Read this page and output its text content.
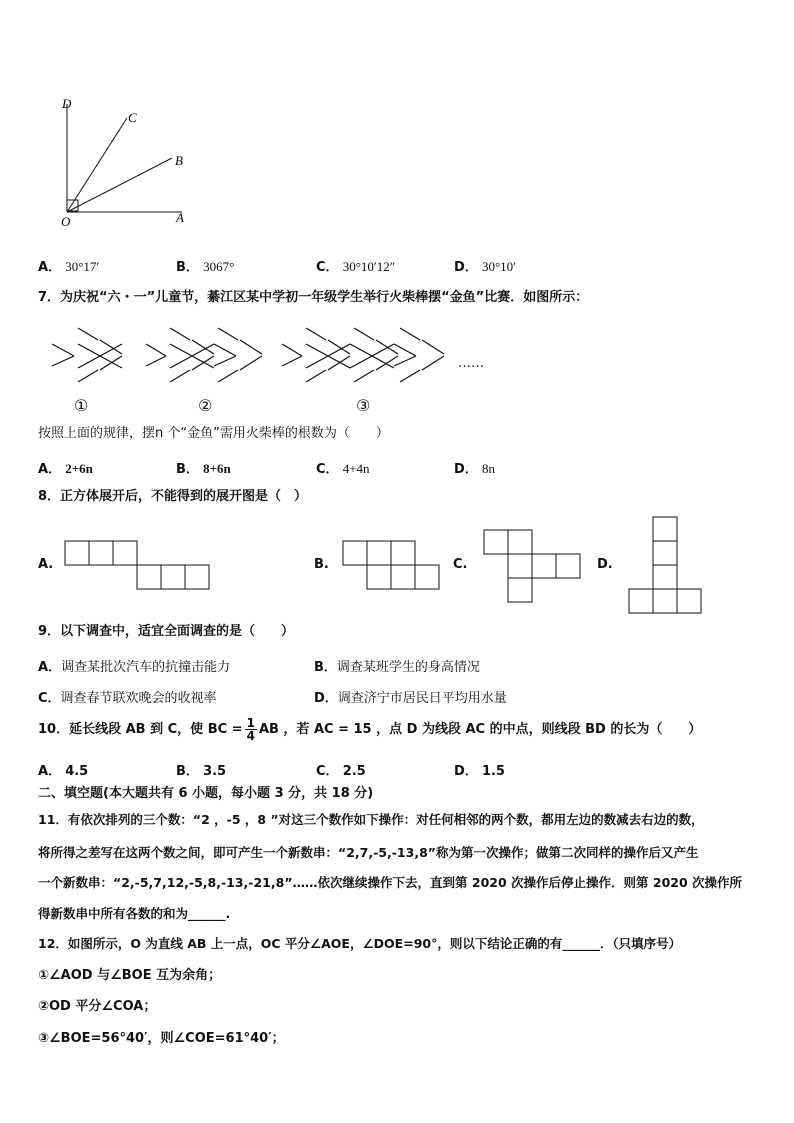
D
C
B
O	A
A． 30°17′	B． 3067°	C． 30°10′12″	D． 30°10′
7．为庆祝“六・一”儿童节，綦江区某中学初一年级学生举行火柴棒摆“金鱼”比赛．如图所示：
……
①	②	③
按照上面的规律，摆n 个“金鱼”需用火柴棒的根数为（　　）
A． 2+6n	B． 8+6n	C． 4+4n	D． 8n
8．正方体展开后，不能得到的展开图是（　）
A.	B.	C.	D.
9．以下调查中，适宜全面调查的是（　　）
A．调查某批次汽车的抗撞击能力	B．调查某班学生的身高情况
C．调查春节联欢晚会的收视率	D．调查济宁市居民日平均用水量
10．延长线段 AB 到 C，使 BC = $\frac{1}{4}$ AB ，若 AC = 15 ，点 D 为线段 AC 的中点，则线段 BD 的长为（　　）
A． 4.5	B． 3.5	C． 2.5	D． 1.5
二、填空题(本大题共有 6 小题，每小题 3 分，共 18 分)
11．有依次排列的三个数：“2 ，-5 ，8 ”对这三个数作如下操作：对任何相邻的两个数，都用左边的数减去右边的数，
将所得之差写在这两个数之间，即可产生一个新数串：“2,7,-5,-13,8”称为第一次操作；做第二次同样的操作后又产生
一个新数串：“2,-5,7,12,-5,8,-13,-21,8”……依次继续操作下去，直到第 2020 次操作后停止操作．则第 2020 次操作所
得新数串中所有各数的和为______.
12．如图所示，O 为直线 AB 上一点，OC 平分∠AOE，∠DOE=90°，则以下结论正确的有______．（只填序号）
①∠AOD 与∠BOE 互为余角；
②OD 平分∠COA；
③∠BOE=56°40′，则∠COE=61°40′；
